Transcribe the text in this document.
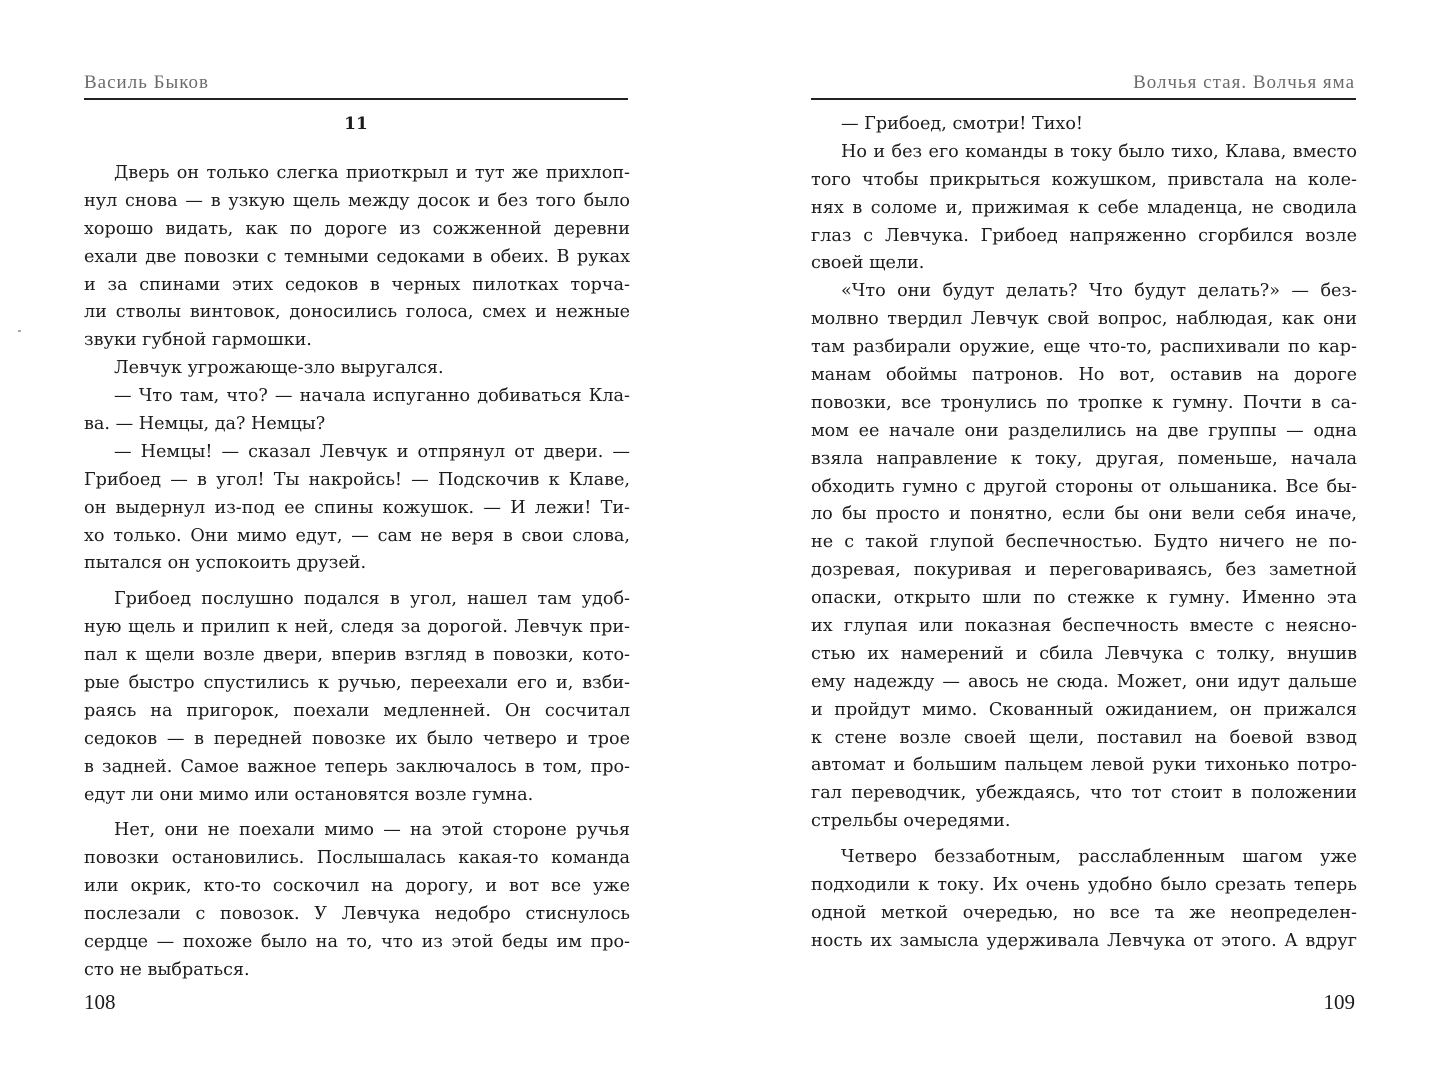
Василь Быков
11
Дверь он только слегка приоткрыл и тут же прихлоп-
нул снова — в узкую щель между досок и без того было
хорошо видать, как по дороге из сожженной деревни
ехали две повозки с темными седоками в обеих. В руках
и за спинами этих седоков в черных пилотках торча-
ли стволы винтовок, доносились голоса, смех и нежные
звуки губной гармошки.
Левчук угрожающе-зло выругался.
— Что там, что? — начала испуганно добиваться Кла-
ва. — Немцы, да? Немцы?
— Немцы! — сказал Левчук и отпрянул от двери. —
Грибоед — в угол! Ты накройсь! — Подскочив к Клаве,
он выдернул из-под ее спины кожушок. — И лежи! Ти-
хо только. Они мимо едут, — сам не веря в свои слова,
пытался он успокоить друзей.
Грибоед послушно подался в угол, нашел там удоб-
ную щель и прилип к ней, следя за дорогой. Левчук при-
пал к щели возле двери, вперив взгляд в повозки, кото-
рые быстро спустились к ручью, переехали его и, взби-
раясь на пригорок, поехали медленней. Он сосчитал
седоков — в передней повозке их было четверо и трое
в задней. Самое важное теперь заключалось в том, про-
едут ли они мимо или остановятся возле гумна.
Нет, они не поехали мимо — на этой стороне ручья
повозки остановились. Послышалась какая-то команда
или окрик, кто-то соскочил на дорогу, и вот все уже
послезали с повозок. У Левчука недобро стиснулось
сердце — похоже было на то, что из этой беды им про-
сто не выбраться.
108
Волчья стая. Волчья яма
— Грибоед, смотри! Тихо!
Но и без его команды в току было тихо, Клава, вместо
того чтобы прикрыться кожушком, привстала на коле-
нях в соломе и, прижимая к себе младенца, не сводила
глаз с Левчука. Грибоед напряженно сгорбился возле
своей щели.
«Что они будут делать? Что будут делать?» — без-
молвно твердил Левчук свой вопрос, наблюдая, как они
там разбирали оружие, еще что-то, распихивали по кар-
манам обоймы патронов. Но вот, оставив на дороге
повозки, все тронулись по тропке к гумну. Почти в са-
мом ее начале они разделились на две группы — одна
взяла направление к току, другая, поменьше, начала
обходить гумно с другой стороны от ольшаника. Все бы-
ло бы просто и понятно, если бы они вели себя иначе,
не с такой глупой беспечностью. Будто ничего не по-
дозревая, покуривая и переговариваясь, без заметной
опаски, открыто шли по стежке к гумну. Именно эта
их глупая или показная беспечность вместе с неясно-
стью их намерений и сбила Левчука с толку, внушив
ему надежду — авось не сюда. Может, они идут дальше
и пройдут мимо. Скованный ожиданием, он прижался
к стене возле своей щели, поставил на боевой взвод
автомат и большим пальцем левой руки тихонько потро-
гал переводчик, убеждаясь, что тот стоит в положении
стрельбы очередями.
Четверо беззаботным, расслабленным шагом уже
подходили к току. Их очень удобно было срезать теперь
одной меткой очередью, но все та же неопределен-
ность их замысла удерживала Левчука от этого. А вдруг
109
